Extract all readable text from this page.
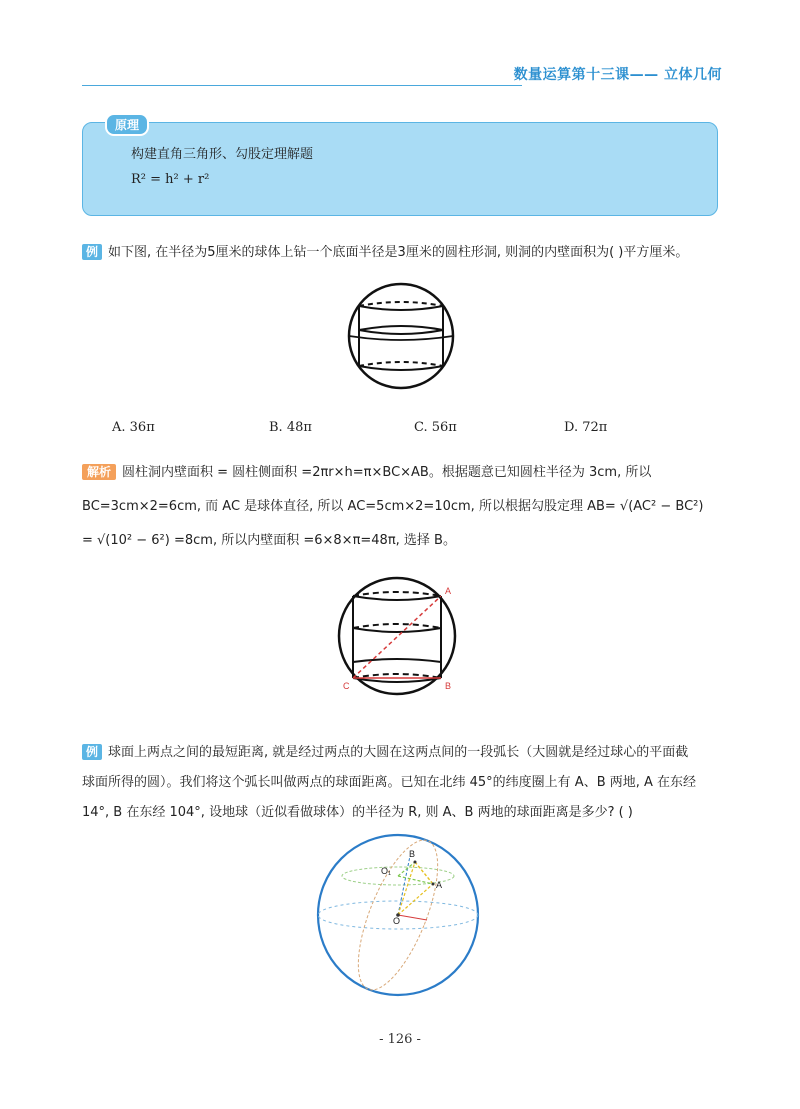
数量运算第十三课—— 立体几何
原理
构建直角三角形、勾股定理解题
R² = h² + r²
例 如下图, 在半径为5厘米的球体上钻一个底面半径是3厘米的圆柱形洞, 则洞的内壁面积为( )平方厘米。
A. 36π	B. 48π	C. 56π	D. 72π
解析 圆柱洞内壁面积 = 圆柱侧面积 =2πr×h=π×BC×AB。根据题意已知圆柱半径为 3cm, 所以
BC=3cm×2=6cm, 而 AC 是球体直径, 所以 AC=5cm×2=10cm, 所以根据勾股定理 AB= √(AC² − BC²)
= √(10² − 6²) =8cm, 所以内壁面积 =6×8×π=48π, 选择 B。
A
B
C
例 球面上两点之间的最短距离, 就是经过两点的大圆在这两点间的一段弧长（大圆就是经过球心的平面截
球面所得的圆）。我们将这个弧长叫做两点的球面距离。已知在北纬 45°的纬度圈上有 A、B 两地, A 在东经
14°, B 在东经 104°, 设地球（近似看做球体）的半径为 R, 则 A、B 两地的球面距离是多少? ( )
B
O₁
A
O
- 126 -
